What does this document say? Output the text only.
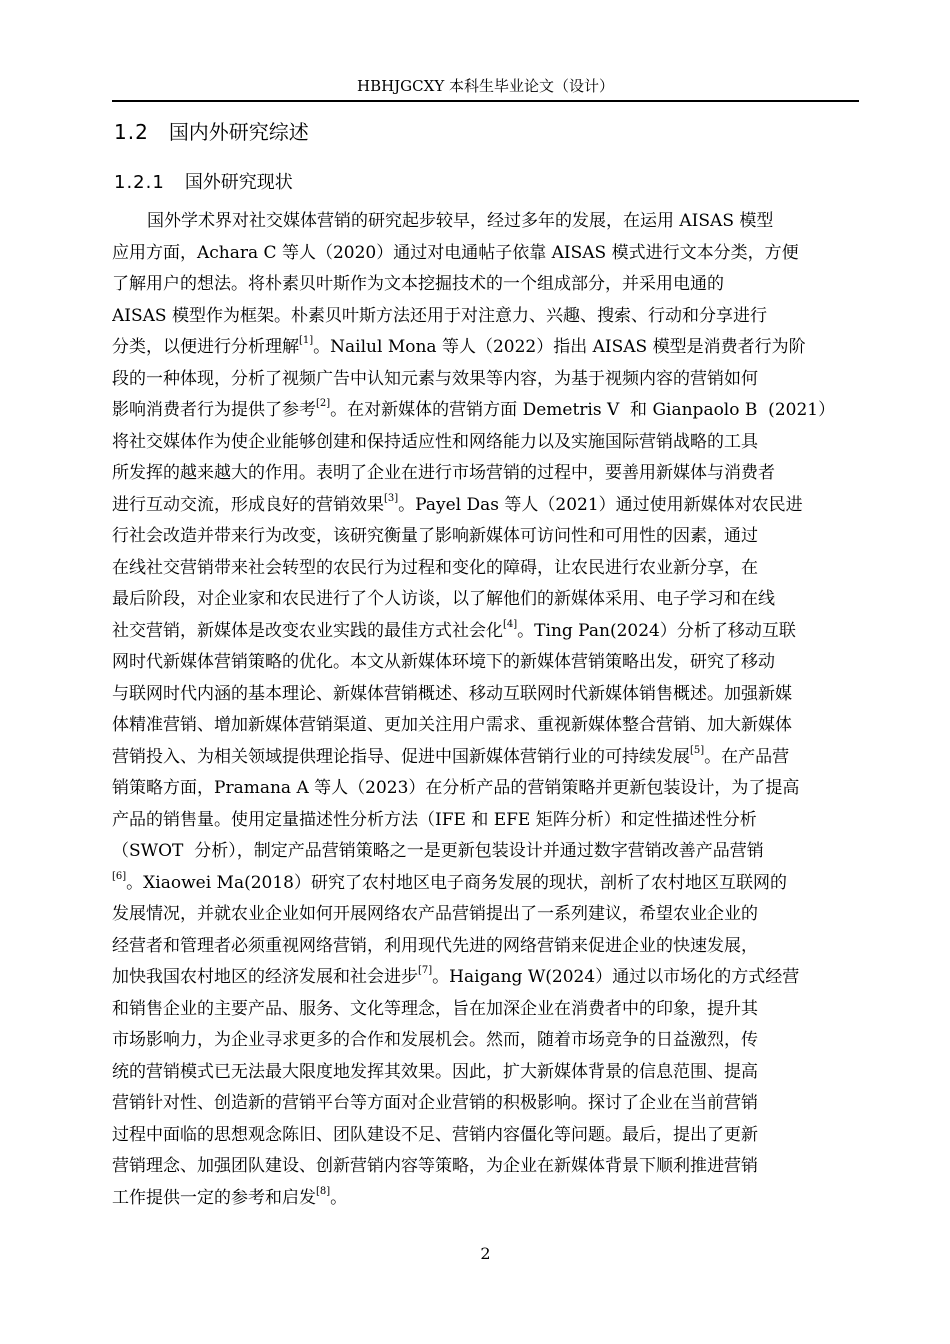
HBHJGCXY 本科生毕业论文（设计）
1.2 国内外研究综述
1.2.1 国外研究现状
国外学术界对社交媒体营销的研究起步较早，经过多年的发展，在运用 AISAS 模型
应用方面，Achara C 等人（2020）通过对电通帖子依靠 AISAS 模式进行文本分类，方便
了解用户的想法。将朴素贝叶斯作为文本挖掘技术的一个组成部分，并采用电通的
AISAS 模型作为框架。朴素贝叶斯方法还用于对注意力、兴趣、搜索、行动和分享进行
分类，以便进行分析理解[1]。Nailul Mona 等人（2022）指出 AISAS 模型是消费者行为阶
段的一种体现，分析了视频广告中认知元素与效果等内容，为基于视频内容的营销如何
影响消费者行为提供了参考[2]。在对新媒体的营销方面 Demetris V  和 Gianpaolo B  (2021）
将社交媒体作为使企业能够创建和保持适应性和网络能力以及实施国际营销战略的工具
所发挥的越来越大的作用。表明了企业在进行市场营销的过程中，要善用新媒体与消费者
进行互动交流，形成良好的营销效果[3]。Payel Das 等人（2021）通过使用新媒体对农民进
行社会改造并带来行为改变，该研究衡量了影响新媒体可访问性和可用性的因素，通过
在线社交营销带来社会转型的农民行为过程和变化的障碍，让农民进行农业新分享，在
最后阶段，对企业家和农民进行了个人访谈，以了解他们的新媒体采用、电子学习和在线
社交营销，新媒体是改变农业实践的最佳方式社会化[4]。Ting Pan(2024）分析了移动互联
网时代新媒体营销策略的优化。本文从新媒体环境下的新媒体营销策略出发，研究了移动
与联网时代内涵的基本理论、新媒体营销概述、移动互联网时代新媒体销售概述。加强新媒
体精准营销、增加新媒体营销渠道、更加关注用户需求、重视新媒体整合营销、加大新媒体
营销投入、为相关领域提供理论指导、促进中国新媒体营销行业的可持续发展[5]。在产品营
销策略方面，Pramana A 等人（2023）在分析产品的营销策略并更新包装设计，为了提高
产品的销售量。使用定量描述性分析方法（IFE 和 EFE 矩阵分析）和定性描述性分析
（SWOT  分析），制定产品营销策略之一是更新包装设计并通过数字营销改善产品营销
[6]。Xiaowei Ma(2018）研究了农村地区电子商务发展的现状，剖析了农村地区互联网的
发展情况，并就农业企业如何开展网络农产品营销提出了一系列建议，希望农业企业的
经营者和管理者必须重视网络营销，利用现代先进的网络营销来促进企业的快速发展，
加快我国农村地区的经济发展和社会进步[7]。Haigang W(2024）通过以市场化的方式经营
和销售企业的主要产品、服务、文化等理念，旨在加深企业在消费者中的印象，提升其
市场影响力，为企业寻求更多的合作和发展机会。然而，随着市场竞争的日益激烈，传
统的营销模式已无法最大限度地发挥其效果。因此，扩大新媒体背景的信息范围、提高
营销针对性、创造新的营销平台等方面对企业营销的积极影响。探讨了企业在当前营销
过程中面临的思想观念陈旧、团队建设不足、营销内容僵化等问题。最后，提出了更新
营销理念、加强团队建设、创新营销内容等策略，为企业在新媒体背景下顺利推进营销
工作提供一定的参考和启发[8]。
2
